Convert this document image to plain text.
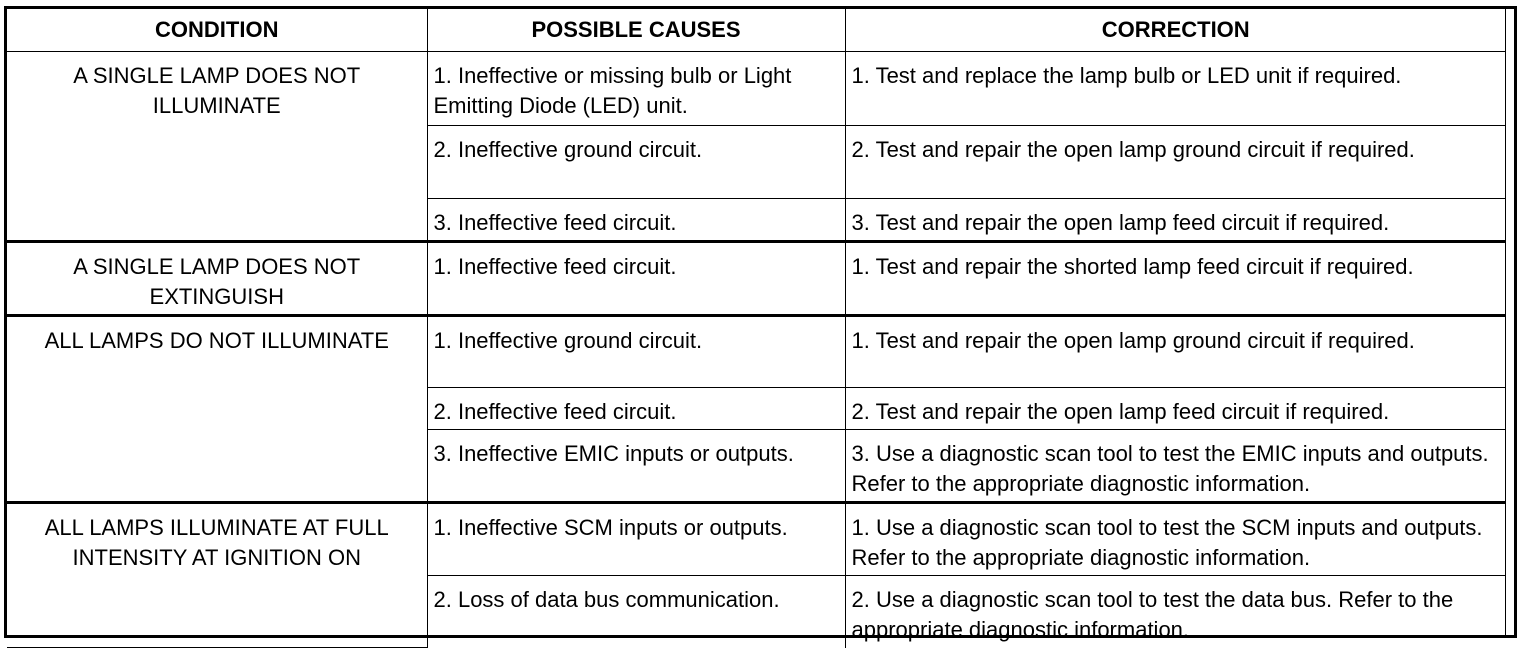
CONDITION	POSSIBLE CAUSES	CORRECTION
A SINGLE LAMP DOES NOT ILLUMINATE	1. Ineffective or missing bulb or Light Emitting Diode (LED) unit.	1. Test and replace the lamp bulb or LED unit if required.
	2. Ineffective ground circuit.	2. Test and repair the open lamp ground circuit if required.
	3. Ineffective feed circuit.	3. Test and repair the open lamp feed circuit if required.
A SINGLE LAMP DOES NOT EXTINGUISH	1. Ineffective feed circuit.	1. Test and repair the shorted lamp feed circuit if required.
ALL LAMPS DO NOT ILLUMINATE	1. Ineffective ground circuit.	1. Test and repair the open lamp ground circuit if required.
	2. Ineffective feed circuit.	2. Test and repair the open lamp feed circuit if required.
	3. Ineffective EMIC inputs or outputs.	3. Use a diagnostic scan tool to test the EMIC inputs and outputs. Refer to the appropriate diagnostic information.
ALL LAMPS ILLUMINATE AT FULL INTENSITY AT IGNITION ON	1. Ineffective SCM inputs or outputs.	1. Use a diagnostic scan tool to test the SCM inputs and outputs. Refer to the appropriate diagnostic information.
	2. Loss of data bus communication.	2. Use a diagnostic scan tool to test the data bus. Refer to the appropriate diagnostic information.
